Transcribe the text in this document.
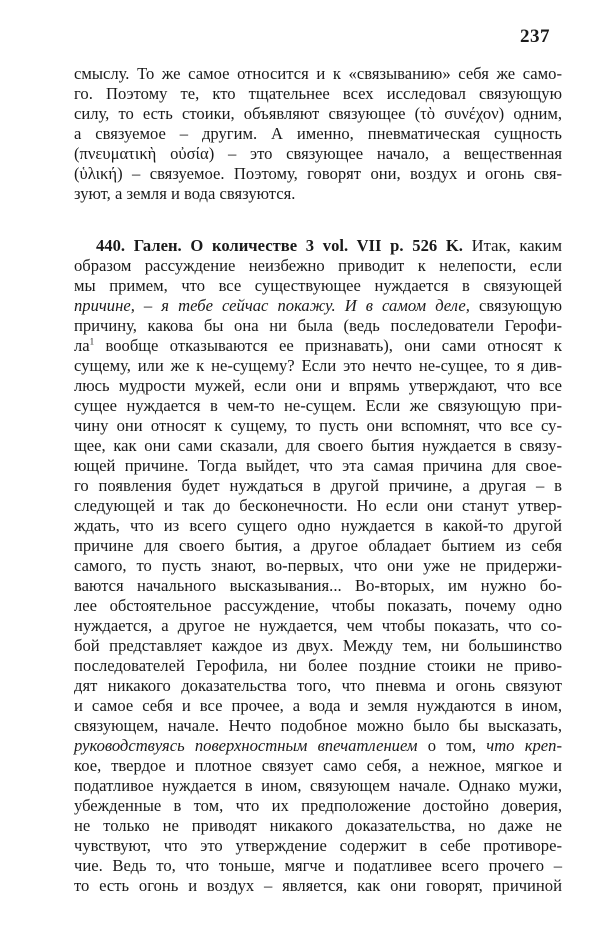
237
смыслу. То же самое относится и к «связыванию» себя же само-
го. Поэтому те, кто тщательнее всех исследовал связующую
силу, то есть стоики, объявляют связующее (τὸ συνέχον) одним,
а связуемое – другим. А именно, пневматическая сущность
(πνευματικὴ οὐσία) – это связующее начало, а вещественная
(ὑλική) – связуемое. Поэтому, говорят они, воздух и огонь свя-
зуют, а земля и вода связуются.
440. Гален. О количестве 3 vol. VII p. 526 K. Итак, каким
образом рассуждение неизбежно приводит к нелепости, если
мы примем, что все существующее нуждается в связующей
причине, – я тебе сейчас покажу. И в самом деле, связующую
причину, какова бы она ни была (ведь последователи Герофи-
$ла^1$ вообще отказываются ее признавать), они сами относят к
сущему, или же к не-сущему? Если это нечто не-сущее, то я див-
люсь мудрости мужей, если они и впрямь утверждают, что все
сущее нуждается в чем-то не-сущем. Если же связующую при-
чину они относят к сущему, то пусть они вспомнят, что все су-
щее, как они сами сказали, для своего бытия нуждается в связу-
ющей причине. Тогда выйдет, что эта самая причина для свое-
го появления будет нуждаться в другой причине, а другая – в
следующей и так до бесконечности. Но если они станут утвер-
ждать, что из всего сущего одно нуждается в какой-то другой
причине для своего бытия, а другое обладает бытием из себя
самого, то пусть знают, во-первых, что они уже не придержи-
ваются начального высказывания... Во-вторых, им нужно бо-
лее обстоятельное рассуждение, чтобы показать, почему одно
нуждается, а другое не нуждается, чем чтобы показать, что со-
бой представляет каждое из двух. Между тем, ни большинство
последователей Герофила, ни более поздние стоики не приво-
дят никакого доказательства того, что пневма и огонь связуют
и самое себя и все прочее, а вода и земля нуждаются в ином,
связующем, начале. Нечто подобное можно было бы высказать,
руководствуясь поверхностным впечатлением о том, что креп-
кое, твердое и плотное связует само себя, а нежное, мягкое и
податливое нуждается в ином, связующем начале. Однако мужи,
убежденные в том, что их предположение достойно доверия,
не только не приводят никакого доказательства, но даже не
чувствуют, что это утверждение содержит в себе противоре-
чие. Ведь то, что тоньше, мягче и податливее всего прочего –
то есть огонь и воздух – является, как они говорят, причиной
